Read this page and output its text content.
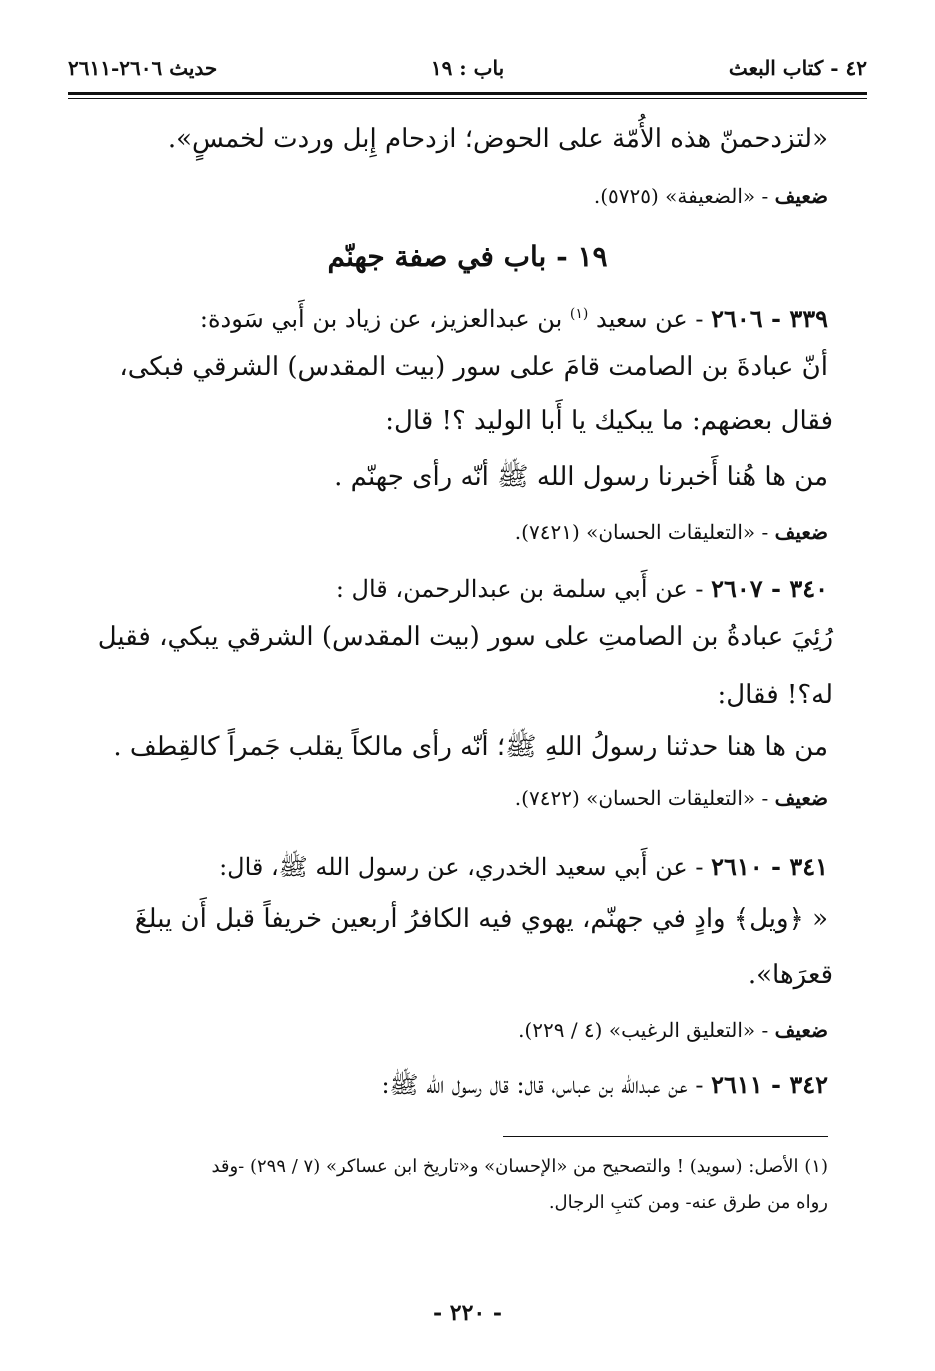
٤٢ - كتاب البعث
باب : ١٩
حديث ٢٦٠٦-٢٦١١
«لتزدحمنّ هذه الأُمّة على الحوض؛ ازدحام إِبل وردت لخمسٍ».
ضعيف - «الضعيفة» (٥٧٢٥).
١٩ - باب في صفة جهنّم
٣٣٩ - ٢٦٠٦ - عن سعيد $^{(١)}$ بن عبدالعزيز، عن زياد بن أَبي سَودة:
أنّ عبادةَ بن الصامت قامَ على سور (بيت المقدس) الشرقي فبكى،
فقال بعضهم: ما يبكيك يا أَبا الوليد ؟! قال:
من ها هُنا أَخبرنا رسول الله ﷺ أنّه رأى جهنّم .
ضعيف - «التعليقات الحسان» (٧٤٢١).
٣٤٠ - ٢٦٠٧ - عن أَبي سلمة بن عبدالرحمن، قال :
رُئِيَ عبادةُ بن الصامتِ على سور (بيت المقدس) الشرقي يبكي، فقيل
له؟! فقال:
من ها هنا حدثنا رسولُ اللهِ ﷺ؛ أنّه رأى مالكاً يقلب جَمراً كالقِطف .
ضعيف - «التعليقات الحسان» (٧٤٢٢).
٣٤١ - ٢٦١٠ - عن أَبي سعيد الخدري، عن رسول الله ﷺ، قال:
« ﴿ويل﴾ وادٍ في جهنّم، يهوي فيه الكافرُ أربعين خريفاً قبل أَن يبلغَ
قعرَها».
ضعيف - «التعليق الرغيب» (٤ / ٢٢٩).
٣٤٢ - ٢٦١١ - عن عبدالله بن عباس، قال: قال رسول الله ﷺ:
(١) الأصل: (سويد) ! والتصحيح من «الإحسان» و«تاريخ ابن عساكر» (٧ / ٢٩٩) -وقد
رواه من طرق عنه- ومن كتبِ الرجال.
- ٢٢٠ -
